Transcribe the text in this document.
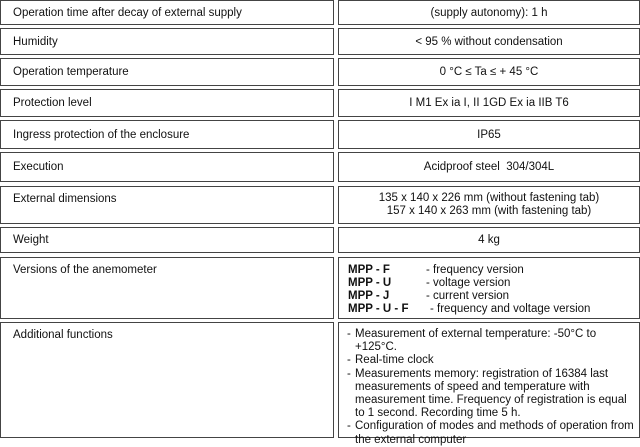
Operation time after decay of external supply	(supply autonomy): 1 h
Humidity	< 95 % without condensation
Operation temperature	0 °C ≤ Ta ≤ + 45 °C
Protection level	I M1 Ex ia I, II 1GD Ex ia IIB T6
Ingress protection of the enclosure	IP65
Execution	Acidproof steel  304/304L
External dimensions	135 x 140 x 226 mm (without fastening tab)
157 x 140 x 263 mm (with fastening tab)
Weight	4 kg
Versions of the anemometer	MPP - F	- frequency version
MPP - U	- voltage version
MPP - J	- current version
MPP - U - F	- frequency and voltage version
Additional functions	- Measurement of external temperature: -50°C to +125°C.
- Real-time clock
- Measurements memory: registration of 16384 last measurements of speed and temperature with measurement time. Frequency of registration is equal to 1 second. Recording time 5 h.
- Configuration of modes and methods of operation from the external computer
